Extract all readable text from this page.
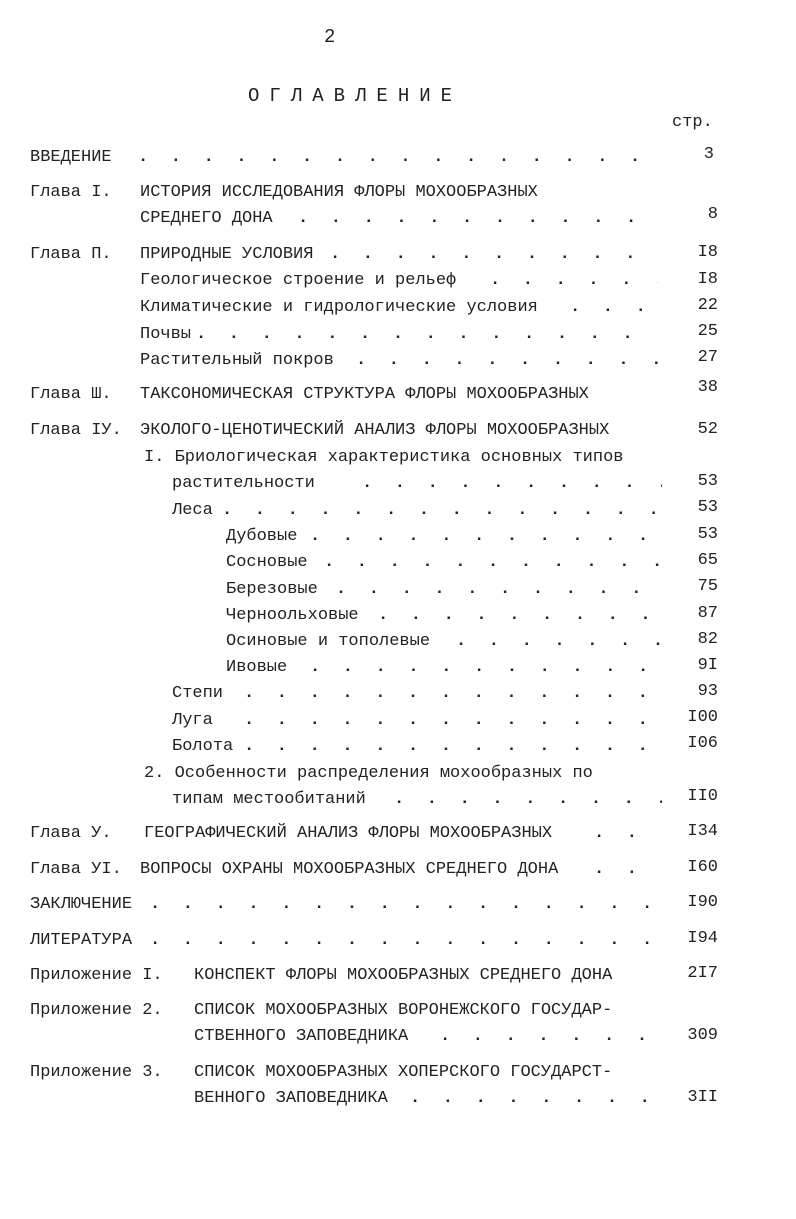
2
ОГЛАВЛЕНИЕ
стр.
ВВЕДЕНИЕ . . .	3
Глава I. ИСТОРИЯ ИССЛЕДОВАНИЯ ФЛОРЫ МОХООБРАЗНЫХ
СРЕДНЕГО ДОНА . . .	8
Глава П. ПРИРОДНЫЕ УСЛОВИЯ . . .	I8
Геологическое строение и рельеф . . .	I8
Климатические и гидрологические условия . . .	22
Почвы . . .	25
Растительный покров . . .	27
Глава Ш. ТАКСОНОМИЧЕСКАЯ СТРУКТУРА ФЛОРЫ МОХООБРАЗНЫХ	38
Глава IУ. ЭКОЛОГО-ЦЕНОТИЧЕСКИЙ АНАЛИЗ ФЛОРЫ МОХООБРАЗНЫХ	52
I. Бриологическая характеристика основных типов
растительности . . .	53
Леса . . .	53
Дубовые . . .	53
Сосновые . . .	65
Березовые . . .	75
Черноольховые . . .	87
Осиновые и тополевые . . .	82
Ивовые . . .	9I
Степи . . .	93
Луга . . .	I00
Болота . . .	I06
2. Особенности распределения мохообразных по
типам местообитаний . . .	II0
Глава У. ГЕОГРАФИЧЕСКИЙ АНАЛИЗ ФЛОРЫ МОХООБРАЗНЫХ . . .	I34
Глава УI. ВОПРОСЫ ОХРАНЫ МОХООБРАЗНЫХ СРЕДНЕГО ДОНА . . .	I60
ЗАКЛЮЧЕНИЕ . . .	I90
ЛИТЕРАТУРА . . .	I94
Приложение I. КОНСПЕКТ ФЛОРЫ МОХООБРАЗНЫХ СРЕДНЕГО ДОНА	2I7
Приложение 2. СПИСОК МОХООБРАЗНЫХ ВОРОНЕЖСКОГО ГОСУДАР-
СТВЕННОГО ЗАПОВЕДНИКА . . .	309
Приложение 3. СПИСОК МОХООБРАЗНЫХ ХОПЕРСКОГО ГОСУДАРСТ-
ВЕННОГО ЗАПОВЕДНИКА . . .	3II
